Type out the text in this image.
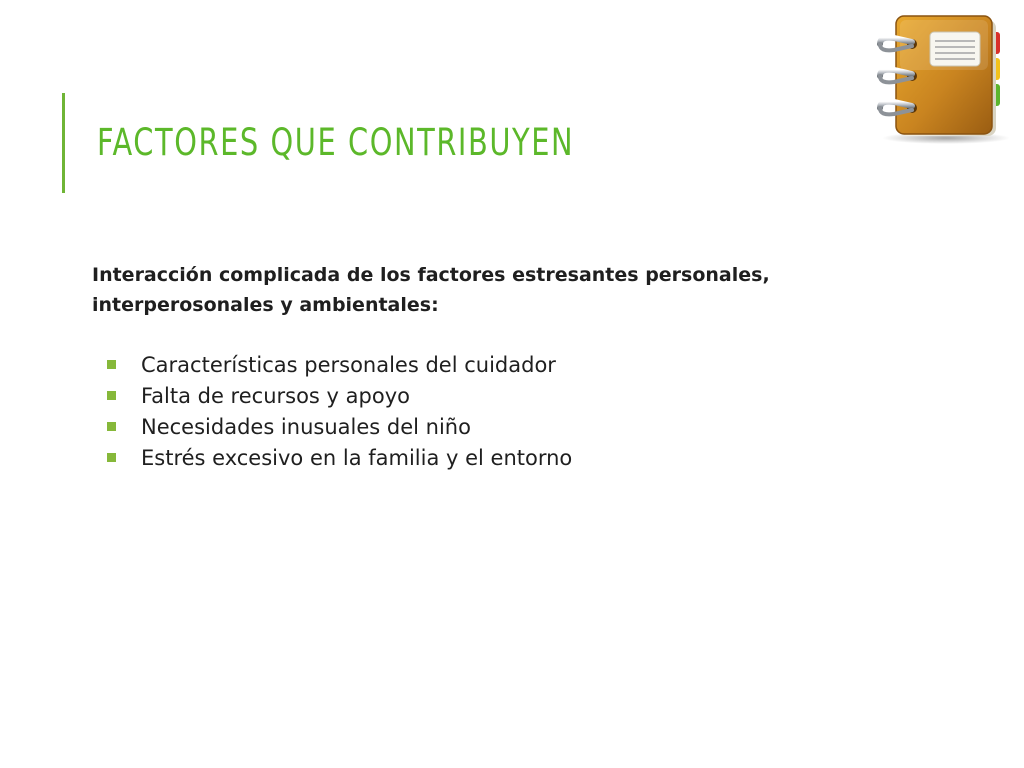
FACTORES QUE CONTRIBUYEN

Interacción complicada de los factores estresantes personales,
interperosonales y ambientales:

Características personales del cuidador
Falta de recursos y apoyo
Necesidades inusuales del niño
Estrés excesivo en la familia y el entorno
